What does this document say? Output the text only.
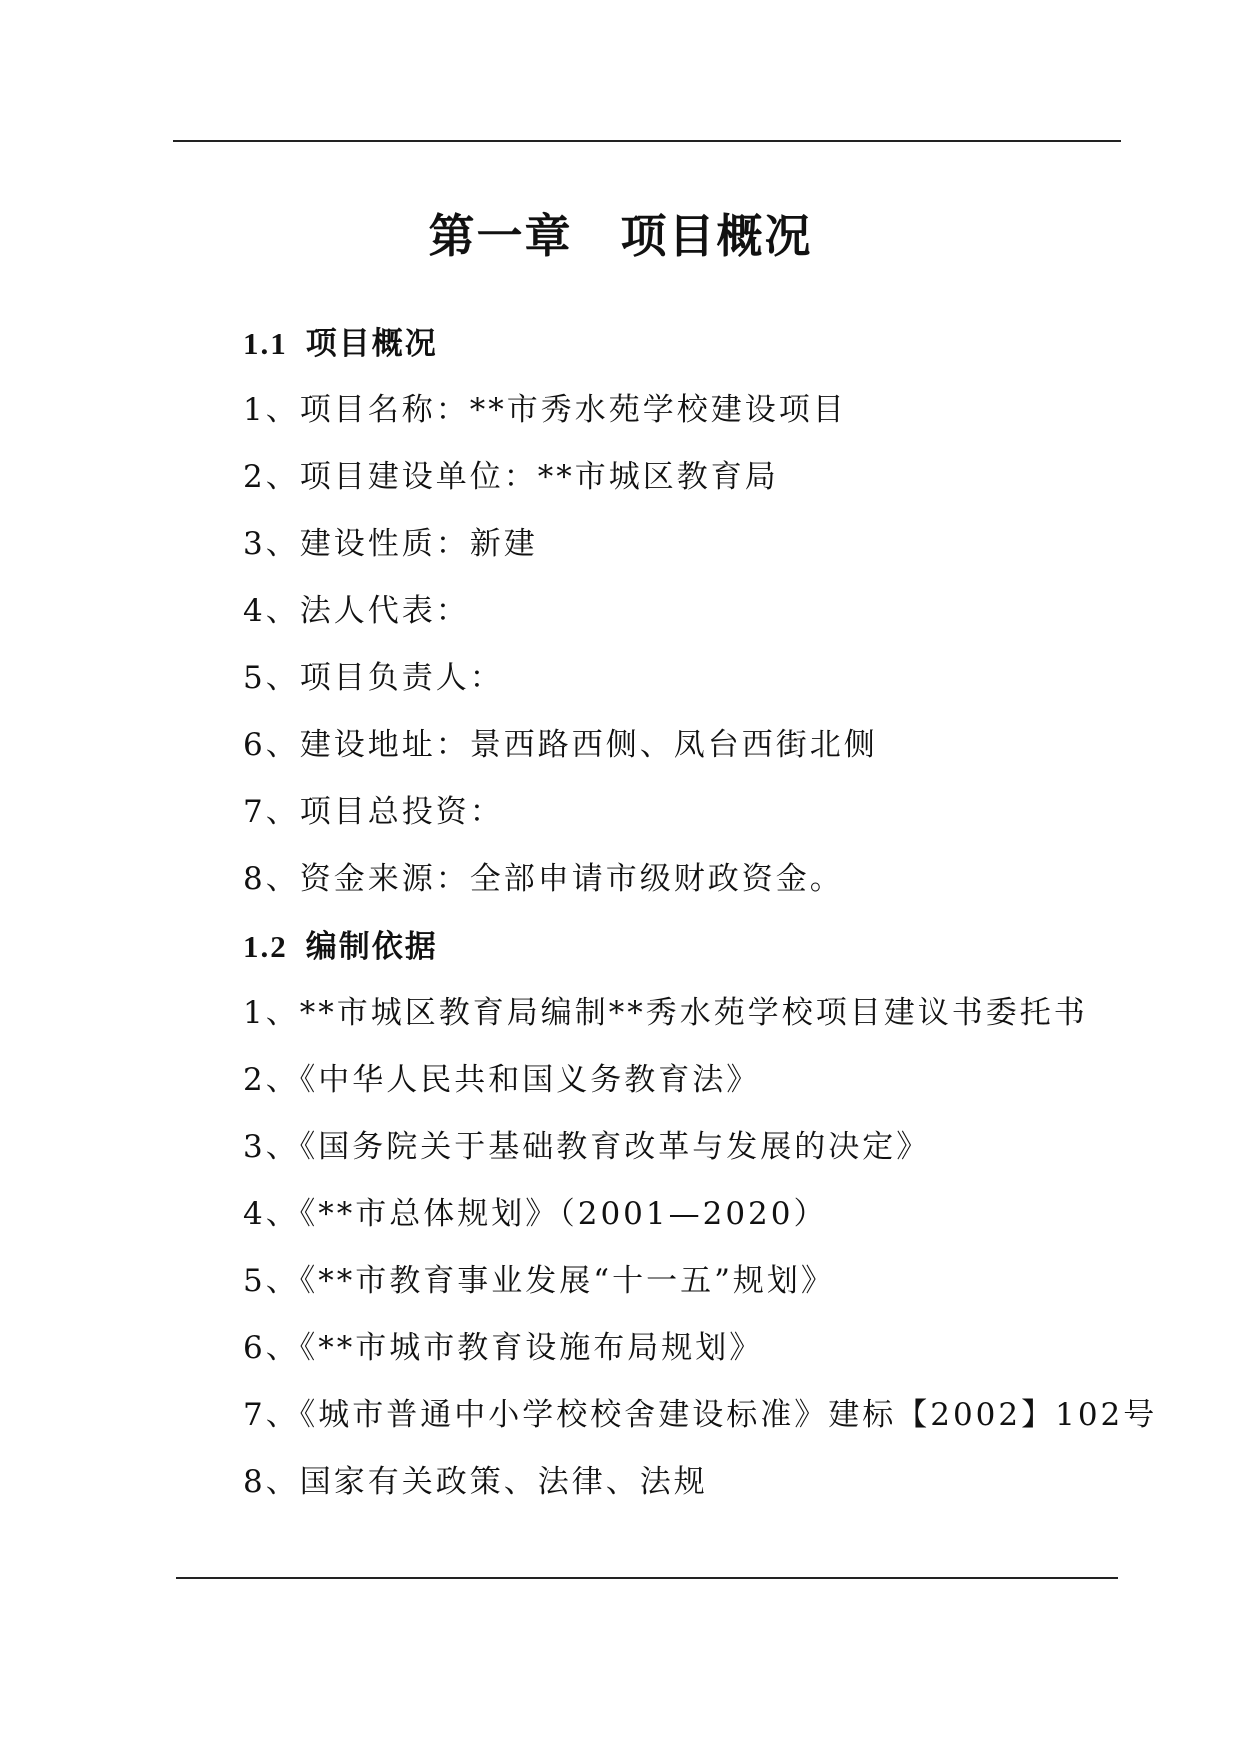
第一章　项目概况
1.1 项目概况
1、项目名称：**市秀水苑学校建设项目
2、项目建设单位：**市城区教育局
3、建设性质：新建
4、法人代表：
5、项目负责人：
6、建设地址：景西路西侧、凤台西街北侧
7、项目总投资：
8、资金来源：全部申请市级财政资金。
1.2 编制依据
1、**市城区教育局编制**秀水苑学校项目建议书委托书
2、《中华人民共和国义务教育法》
3、《国务院关于基础教育改革与发展的决定》
4、《**市总体规划》（2001—2020）
5、《**市教育事业发展“十一五”规划》
6、《**市城市教育设施布局规划》
7、《城市普通中小学校校舍建设标准》建标【2002】102号
8、国家有关政策、法律、法规
